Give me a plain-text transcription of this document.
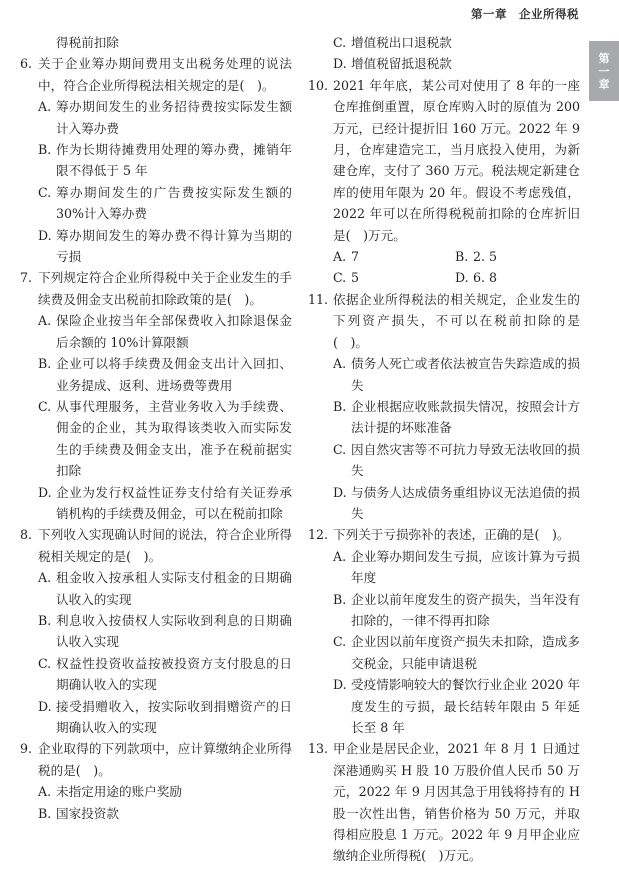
第一章 企业所得税
第
一
章
得税前扣除
6. 关于企业筹办期间费用支出税务处理的说法中，符合企业所得税法相关规定的是(　)。
A. 筹办期间发生的业务招待费按实际发生额计入筹办费
B. 作为长期待摊费用处理的筹办费，摊销年限不得低于 5 年
C. 筹办期间发生的广告费按实际发生额的 30%计入筹办费
D. 筹办期间发生的筹办费不得计算为当期的亏损
7. 下列规定符合企业所得税中关于企业发生的手续费及佣金支出税前扣除政策的是(　)。
A. 保险企业按当年全部保费收入扣除退保金后余额的 10%计算限额
B. 企业可以将手续费及佣金支出计入回扣、业务提成、返利、进场费等费用
C. 从事代理服务，主营业务收入为手续费、佣金的企业，其为取得该类收入而实际发生的手续费及佣金支出，准予在税前据实扣除
D. 企业为发行权益性证券支付给有关证券承销机构的手续费及佣金，可以在税前扣除
8. 下列收入实现确认时间的说法，符合企业所得税相关规定的是(　)。
A. 租金收入按承租人实际支付租金的日期确认收入的实现
B. 利息收入按债权人实际收到利息的日期确认收入实现
C. 权益性投资收益按被投资方支付股息的日期确认收入的实现
D. 接受捐赠收入，按实际收到捐赠资产的日期确认收入的实现
9. 企业取得的下列款项中，应计算缴纳企业所得税的是(　)。
A. 未指定用途的账户奖励
B. 国家投资款
C. 增值税出口退税款
D. 增值税留抵退税款
10. 2021 年年底，某公司对使用了 8 年的一座仓库推倒重置，原仓库购入时的原值为 200 万元，已经计提折旧 160 万元。2022 年 9 月，仓库建造完工，当月底投入使用，为新建仓库，支付了 360 万元。税法规定新建仓库的使用年限为 20 年。假设不考虑残值，2022 年可以在所得税税前扣除的仓库折旧是(　)万元。
A. 7	B. 2. 5
C. 5	D. 6. 8
11. 依据企业所得税法的相关规定，企业发生的下列资产损失，不可以在税前扣除的是(　)。
A. 债务人死亡或者依法被宣告失踪造成的损失
B. 企业根据应收账款损失情况，按照会计方法计提的坏账准备
C. 因自然灾害等不可抗力导致无法收回的损失
D. 与债务人达成债务重组协议无法追债的损失
12. 下列关于亏损弥补的表述，正确的是(　)。
A. 企业筹办期间发生亏损，应该计算为亏损年度
B. 企业以前年度发生的资产损失，当年没有扣除的，一律不得再扣除
C. 企业因以前年度资产损失未扣除，造成多交税金，只能申请退税
D. 受疫情影响较大的餐饮行业企业 2020 年度发生的亏损，最长结转年限由 5 年延长至 8 年
13. 甲企业是居民企业，2021 年 8 月 1 日通过深港通购买 H 股 10 万股价值人民币 50 万元，2022 年 9 月因其急于用钱将持有的 H 股一次性出售，销售价格为 50 万元，并取得相应股息 1 万元。2022 年 9 月甲企业应缴纳企业所得税(　)万元。
